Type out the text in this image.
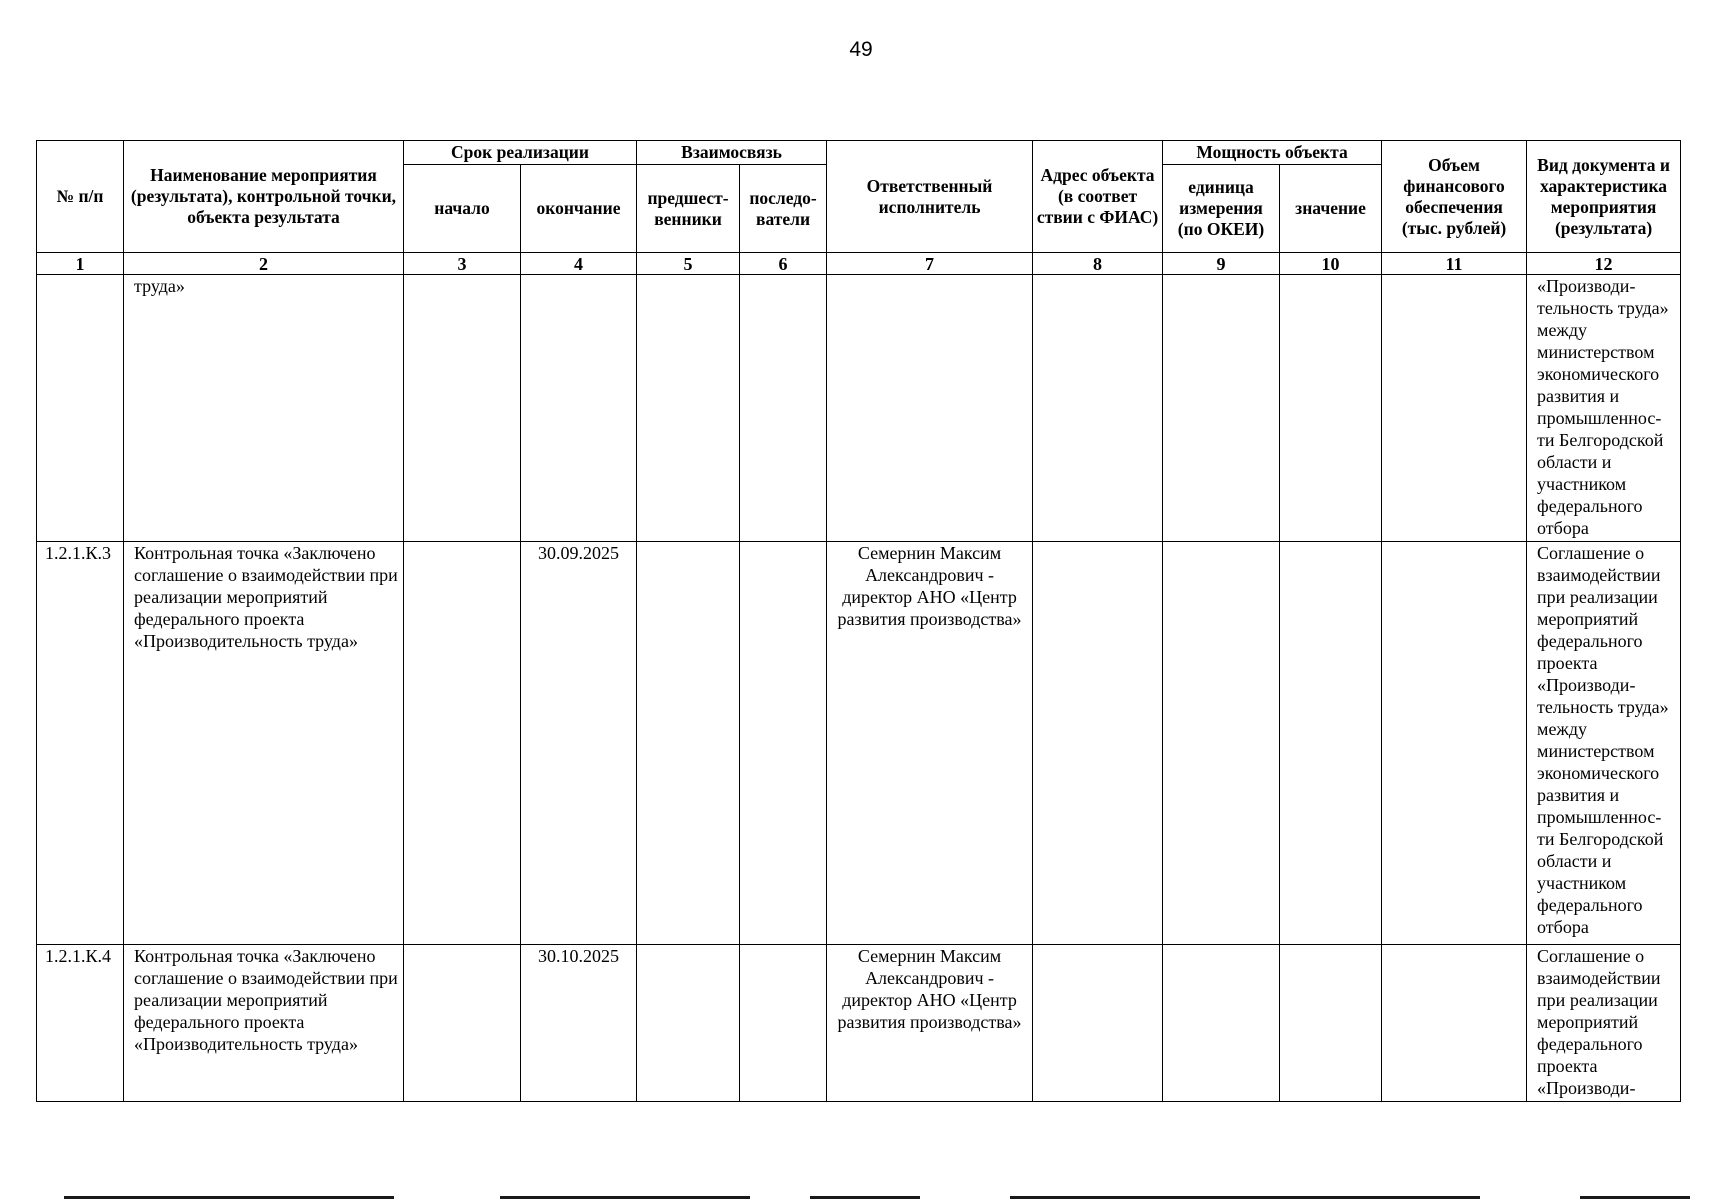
49
№ п/п	Наименование мероприятия (результата), контрольной точки, объекта результата	Срок реализации		Взаимосвязь		Ответственный исполнитель	Адрес объекта (в соответ ствии с ФИАС)	Мощность объекта		Объем финансового обеспечения (тыс. рублей)	Вид документа и характеристика мероприятия (результата)
		начало	окончание	предшест-венники	последо-ватели			единица измерения (по ОКЕИ)	значение		
1	2	3	4	5	6	7	8	9	10	11	12
	труда»										«Производи-тельность труда» между министерством экономического развития и промышленнос-ти Белгородской области и участником федерального отбора
1.2.1.К.3	Контрольная точка «Заключено соглашение о взаимодействии при реализации мероприятий федерального проекта «Производительность труда»		30.09.2025			Семернин Максим Александрович - директор АНО «Центр развития производства»					Соглашение о взаимодействии при реализации мероприятий федерального проекта «Производи-тельность труда» между министерством экономического развития и промышленнос-ти Белгородской области и участником федерального отбора
1.2.1.К.4	Контрольная точка «Заключено соглашение о взаимодействии при реализации мероприятий федерального проекта «Производительность труда»		30.10.2025			Семернин Максим Александрович - директор АНО «Центр развития производства»					Соглашение о взаимодействии при реализации мероприятий федерального проекта «Производи-
